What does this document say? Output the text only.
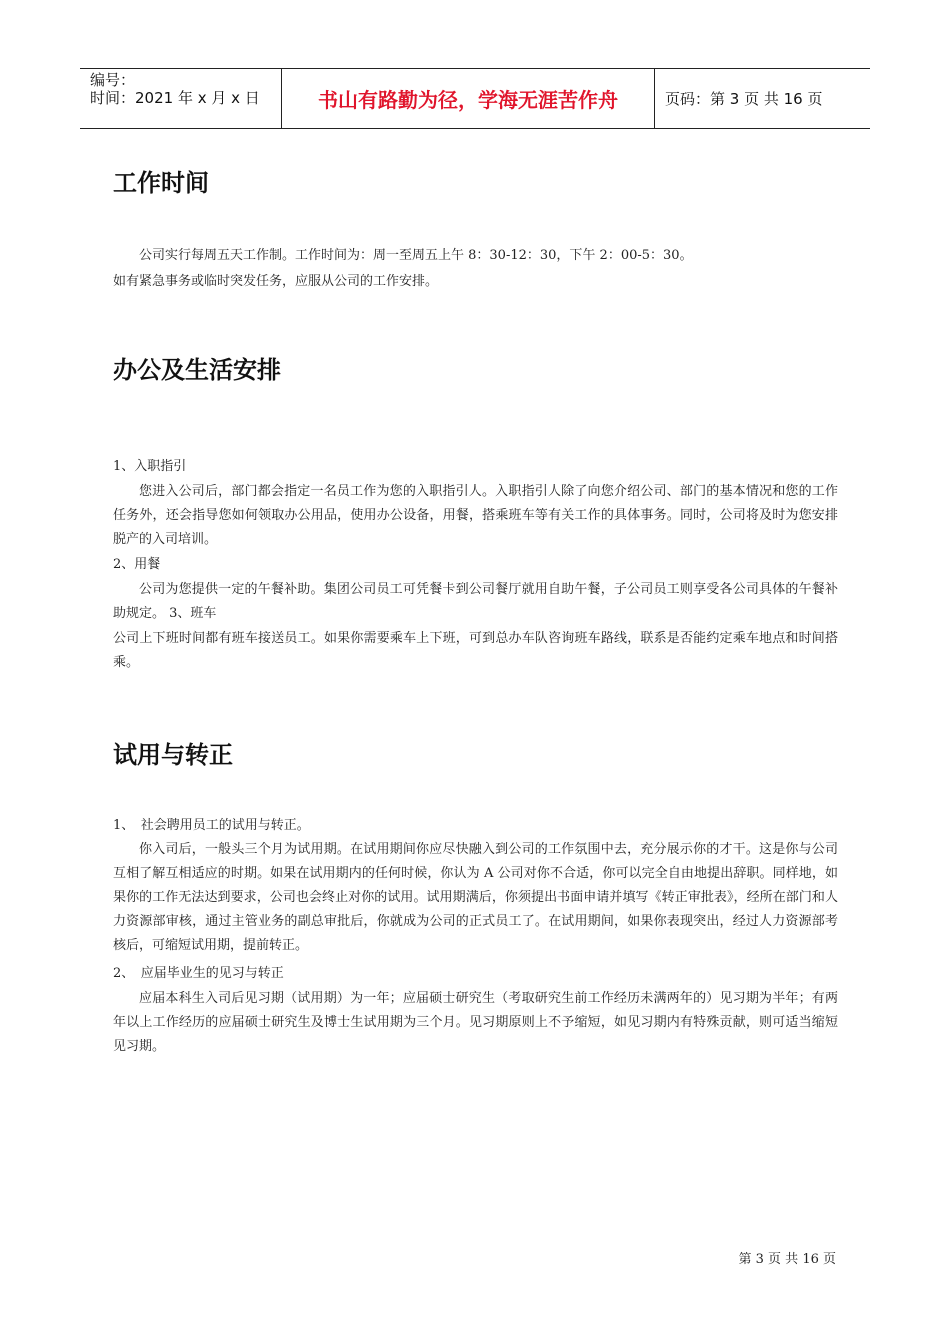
编号：
时间：2021 年 x 月 x 日	书山有路勤为径，学海无涯苦作舟	页码：第 3 页 共 16 页
工作时间

公司实行每周五天工作制。工作时间为：周一至周五上午 8：30-12：30，下午 2：00-5：30。

如有紧急事务或临时突发任务，应服从公司的工作安排。

办公及生活安排

1、入职指引

您进入公司后，部门都会指定一名员工作为您的入职指引人。入职指引人除了向您介绍公司、部门的基本情况和您的工作任务外，还会指导您如何领取办公用品，使用办公设备，用餐，搭乘班车等有关工作的具体事务。同时，公司将及时为您安排脱产的入司培训。

2、用餐

公司为您提供一定的午餐补助。集团公司员工可凭餐卡到公司餐厅就用自助午餐，子公司员工则享受各公司具体的午餐补助规定。 3、班车

公司上下班时间都有班车接送员工。如果你需要乘车上下班，可到总办车队咨询班车路线，联系是否能约定乘车地点和时间搭乘。

试用与转正

1、　社会聘用员工的试用与转正。

你入司后，一般头三个月为试用期。在试用期间你应尽快融入到公司的工作氛围中去，充分展示你的才干。这是你与公司互相了解互相适应的时期。如果在试用期内的任何时候，你认为 A 公司对你不合适，你可以完全自由地提出辞职。同样地，如果你的工作无法达到要求，公司也会终止对你的试用。试用期满后，你须提出书面申请并填写《转正审批表》，经所在部门和人力资源部审核，通过主管业务的副总审批后，你就成为公司的正式员工了。在试用期间，如果你表现突出，经过人力资源部考核后，可缩短试用期，提前转正。

2、　应届毕业生的见习与转正

应届本科生入司后见习期（试用期）为一年；应届硕士研究生（考取研究生前工作经历未满两年的）见习期为半年；有两年以上工作经历的应届硕士研究生及博士生试用期为三个月。见习期原则上不予缩短，如见习期内有特殊贡献，则可适当缩短见习期。

第 3 页 共 16 页
